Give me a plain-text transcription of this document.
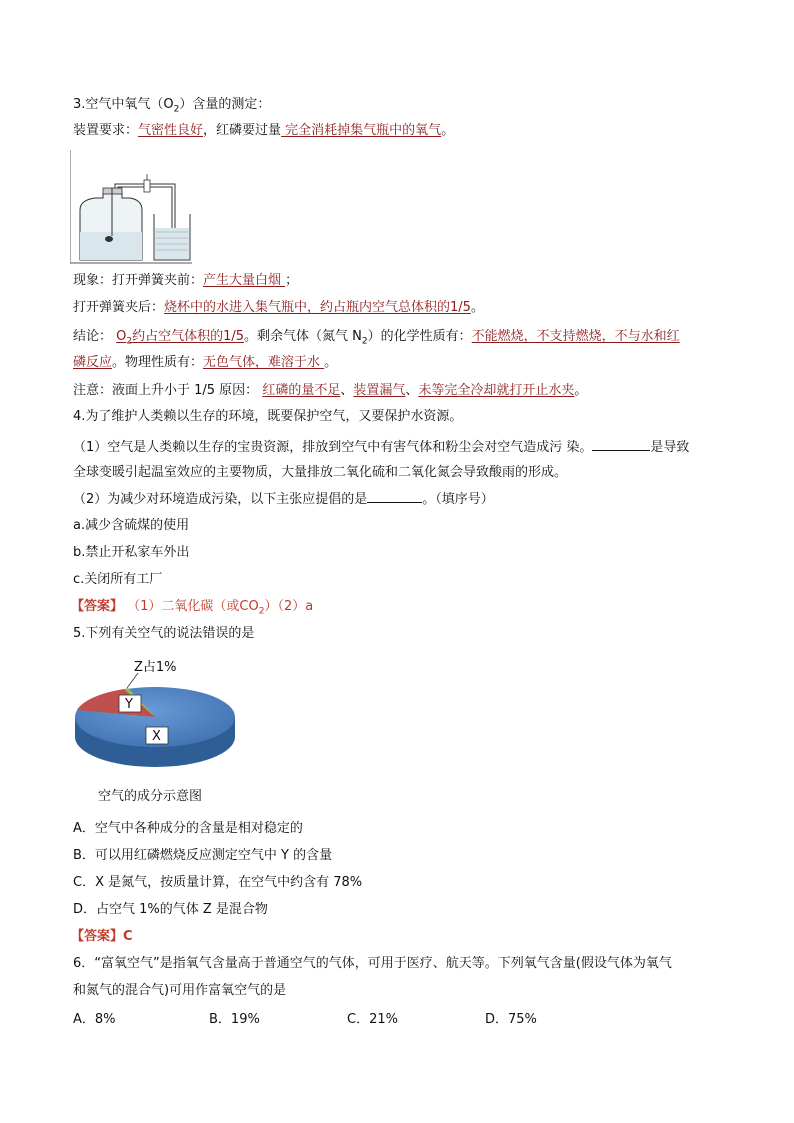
3.空气中氧气$(O_2)$含量的测定：
装置要求：气密性良好，红磷要过量 完全消耗掉集气瓶中的氧气。
现象：打开弹簧夹前：产生大量白烟 ；
打开弹簧夹后：烧杯中的水进入集气瓶中，约占瓶内空气总体积的1/5。
结论： $O_2$约占空气体积的1/5。剩余气体（氮气 $N_2$）的化学性质有：不能燃烧，不支持燃烧，不与水和红
磷反应。物理性质有：无色气体，难溶于水 。
注意：液面上升小于 1/5 原因： 红磷的量不足、装置漏气、未等完全冷却就打开止水夹。
4.为了维护人类赖以生存的环境，既要保护空气，又要保护水资源。
（1）空气是人类赖以生存的宝贵资源，排放到空气中有害气体和粉尘会对空气造成污 染。	是导致
全球变暖引起温室效应的主要物质，大量排放二氧化硫和二氧化氮会导致酸雨的形成。
（2）为减少对环境造成污染，以下主张应提倡的是	。（填序号）
a.减少含硫煤的使用
b.禁止开私家车外出
c.关闭所有工厂
【答案】 （1）二氧化碳（或$CO_2)(2)a$
5.下列有关空气的说法错误的是
Z占1%
Y
X
空气的成分示意图
A．空气中各种成分的含量是相对稳定的
B．可以用红磷燃烧反应测定空气中 Y 的含量
C．X 是氮气，按质量计算，在空气中约含有 78%
D．占空气 1%的气体 Z 是混合物
【答案】C
6．“富氧空气”是指氧气含量高于普通空气的气体，可用于医疗、航天等。下列氧气含量(假设气体为氧气
和氮气的混合气)可用作富氧空气的是
A．8%	B．19%	C．21%	D．75%
